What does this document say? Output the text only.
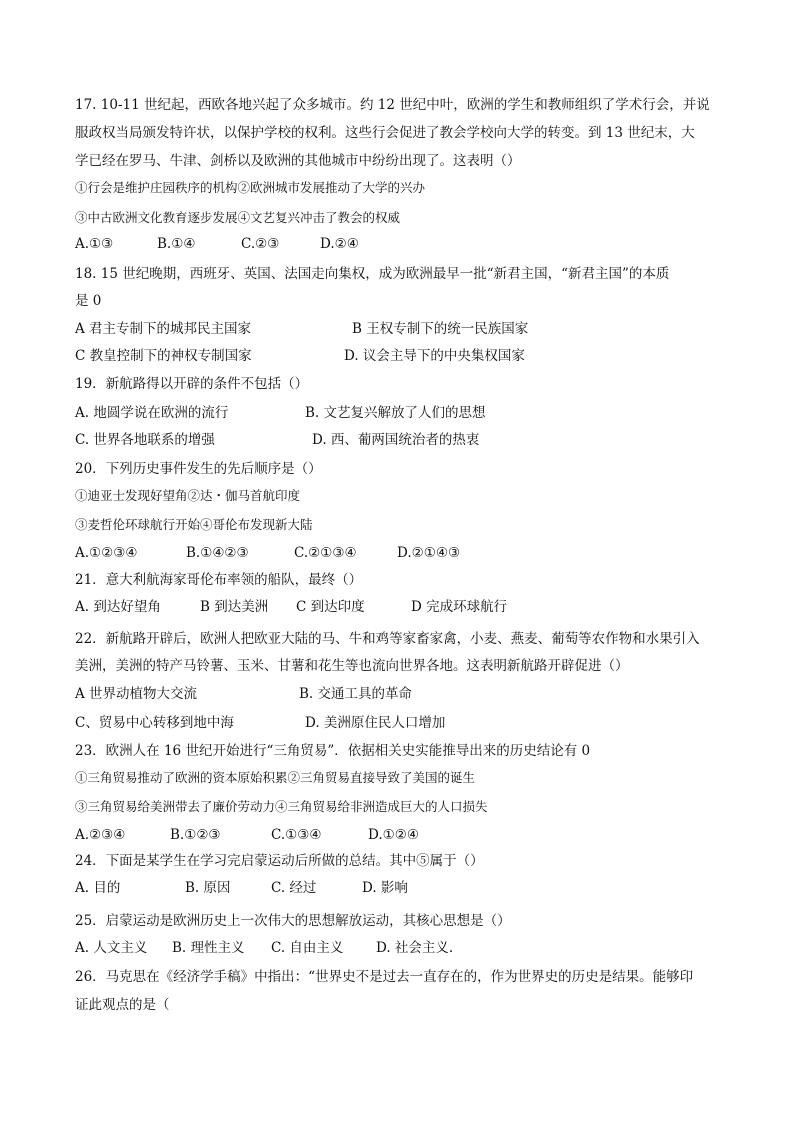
17. 10-11 世纪起，西欧各地兴起了众多城市。约 12 世纪中叶，欧洲的学生和教师组织了学术行会，并说
服政权当局颁发特许状，以保护学校的权利。这些行会促进了教会学校向大学的转变。到 13 世纪末，大
学已经在罗马、牛津、剑桥以及欧洲的其他城市中纷纷出现了。这表明（）
①行会是维护庄园秩序的机构②欧洲城市发展推动了大学的兴办
③中古欧洲文化教育逐步发展④文艺复兴冲击了教会的权威
A.①③	B.①④	C.②③	D.②④
18. 15 世纪晚期，西班牙、英国、法国走向集权，成为欧洲最早一批“新君主国，“新君主国”的本质
是 0
A 君主专制下的城邦民主国家	B 王权专制下的统一民族国家
C 教皇控制下的神权专制国家	D. 议会主导下的中央集权国家
19．新航路得以开辟的条件不包括（）
A. 地圆学说在欧洲的流行	B. 文艺复兴解放了人们的思想
C. 世界各地联系的增强	D. 西、葡两国统治者的热衷
20．下列历史事件发生的先后顺序是（）
①迪亚士发现好望角②达・伽马首航印度
③麦哲伦环球航行开始④哥伦布发现新大陆
A.①②③④	B.①④②③	C.②①③④	D.②①④③
21．意大利航海家哥伦布率领的船队，最终（）
A. 到达好望角	B 到达美洲 C 到达印度	D 完成环球航行
22．新航路开辟后，欧洲人把欧亚大陆的马、牛和鸡等家畜家禽，小麦、燕麦、葡萄等农作物和水果引入
美洲，美洲的特产马铃薯、玉米、甘薯和花生等也流向世界各地。这表明新航路开辟促进（）
A 世界动植物大交流	B. 交通工具的革命
C、贸易中心转移到地中海	D. 美洲原住民人口增加
23．欧洲人在 16 世纪开始进行“三角贸易”．依据相关史实能推导出来的历史结论有 0
①三角贸易推动了欧洲的资本原始积累②三角贸易直接导致了美国的诞生
③三角贸易给美洲带去了廉价劳动力④三角贸易给非洲造成巨大的人口损失
A.②③④	B.①②③	C.①③④	D.①②④
24．下面是某学生在学习完启蒙运动后所做的总结。其中⑤属于（）
A. 目的	B. 原因	C. 经过	D. 影响
25．启蒙运动是欧洲历史上一次伟大的思想解放运动，其核心思想是（）
A. 人文主义 B. 理性主义 C. 自由主义 D. 社会主义.
26．马克思在《经济学手稿》中指出：“世界史不是过去一直存在的，作为世界史的历史是结果。能够印
证此观点的是（
